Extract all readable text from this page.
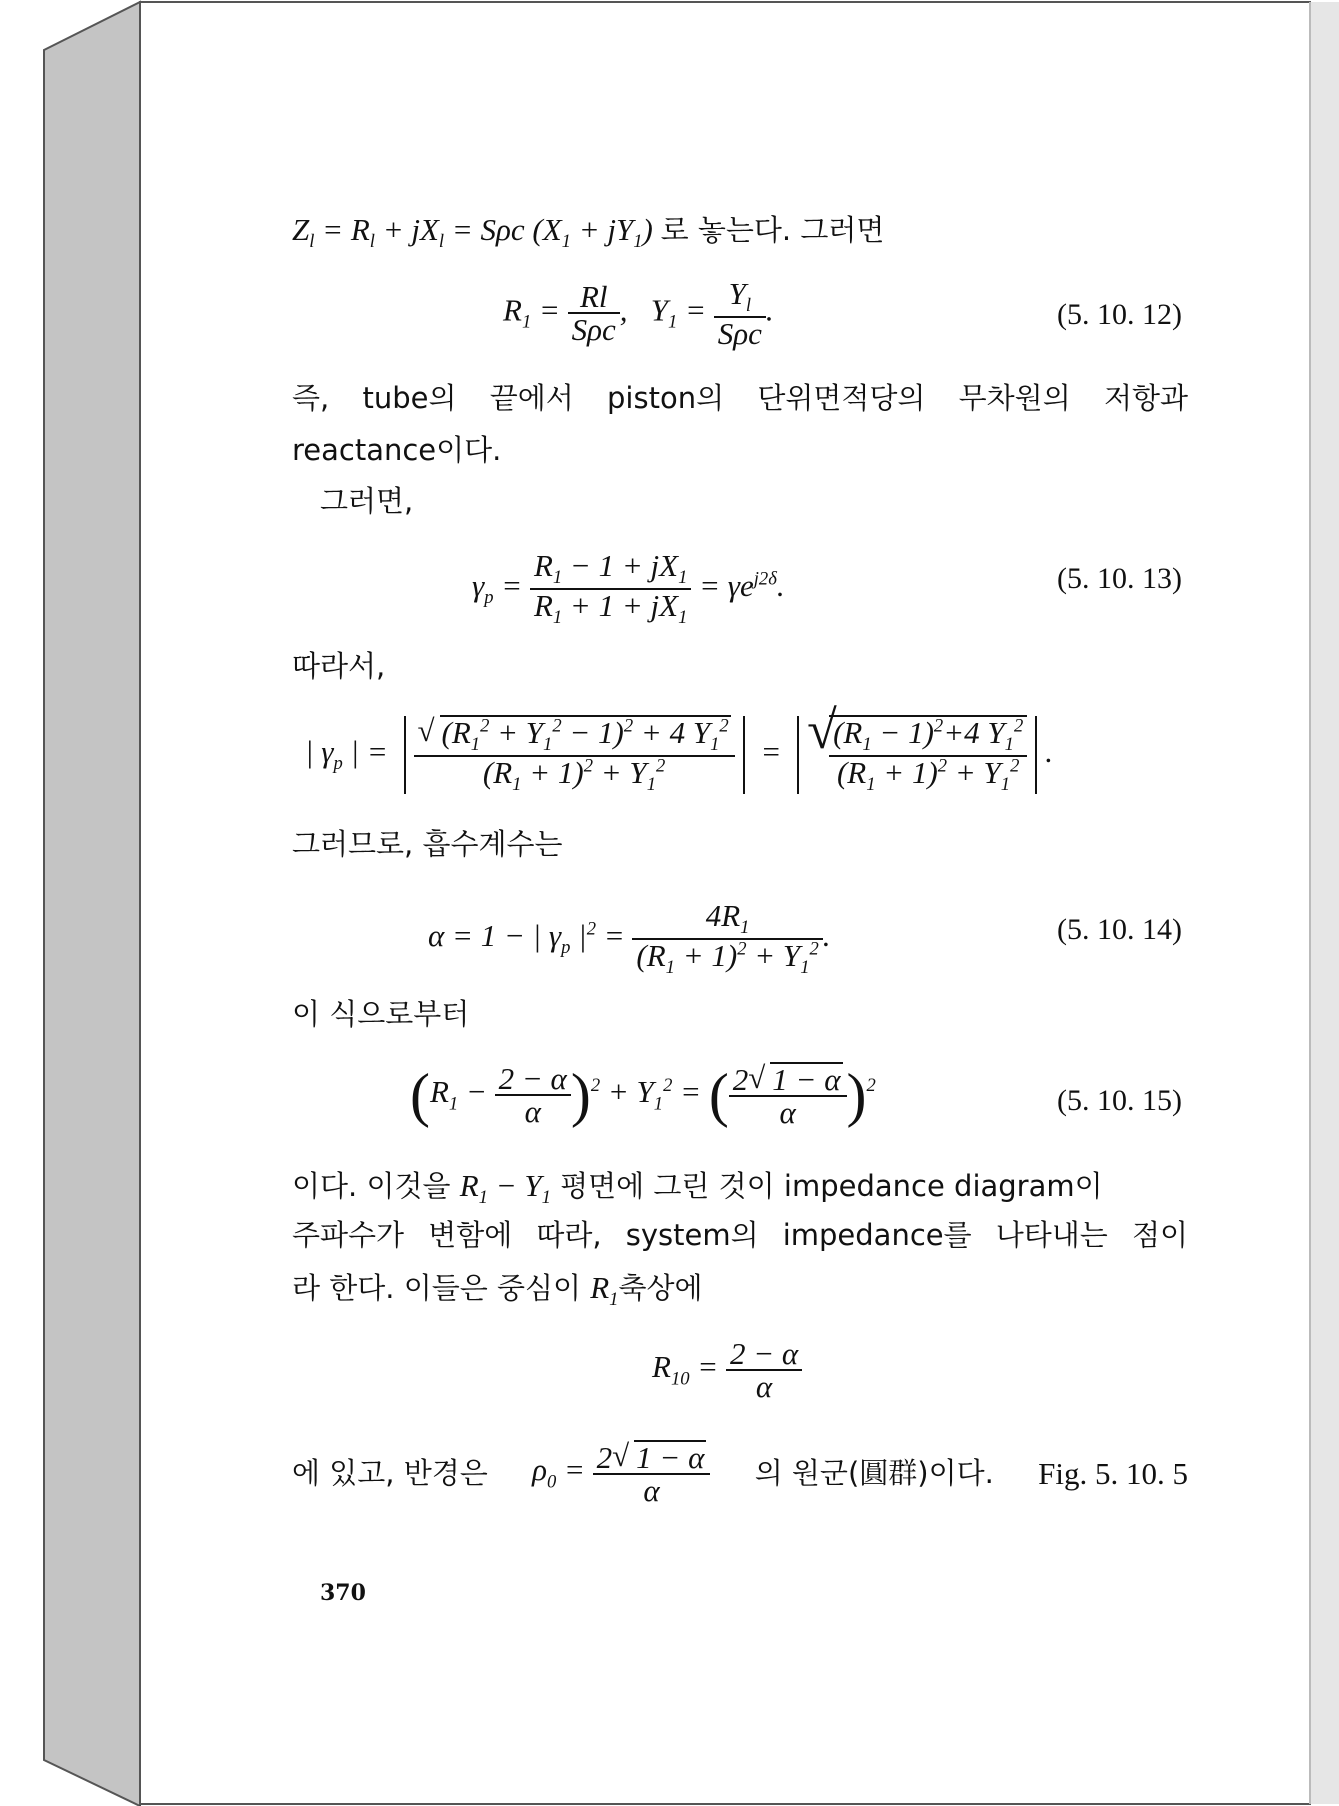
$Z_l = R_l + jX_l = S\rho c$ $(X_1 + jY_1)$ 로 놓는다. 그러면
$R_1 = \frac{Rl}{\text{Sρc}}$ ,   $Y_1 = \frac{Y_l}{\text{Sρc}}$ .	(5. 10. 12)
즉, tube의 끝에서 piston의 단위면적당의 무차원의 저항과
reactance이다.
그러면,
$\gamma_p = \frac{R_1 - 1 + jX_1}{R_1 + 1 + jX_1} = \gamma e^{j2\delta}$.	(5. 10. 13)
따라서,
| $\gamma_p$ | = $\frac{√ (R_1^2 + Y_1^2 - 1)^2 + 4 Y_1^2}{(R_1 + 1)^2 + Y_1^2}$ = √
$\frac{(R_1 - 1)^2+4 Y_1^2}{(R_1 + 1)^2 + Y_1^2}$ .
그러므로, 흡수계수는
α = 1 − | $\gamma_p$ $|^2 = \frac{4R_1}{(R_1 + 1)^2 + Y_1^2}$ .	(5. 10. 14)
이 식으로부터
$(R_1 - \frac{2 - \alpha}{\alpha} )^2 + Y_1^2$ = ( $\frac{2 √ 1 - \alpha}{\alpha} )^2$	(5. 10. 15)
이다. 이것을 $R_1 - Y_1$ 평면에 그린 것이 impedance diagram이
주파수가 변함에 따라, system의 impedance를 나타내는 점이
라 한다. 이들은 중심이 $R_1$축상에
$R_{10} = \frac{2 - \alpha}{\alpha}$
에 있고, 반경은 $\rho_0 = \frac{2 √ 1 - \alpha}{\alpha}$ 의 원군(圓群)이다. Fig. 5. 10. 5
370
